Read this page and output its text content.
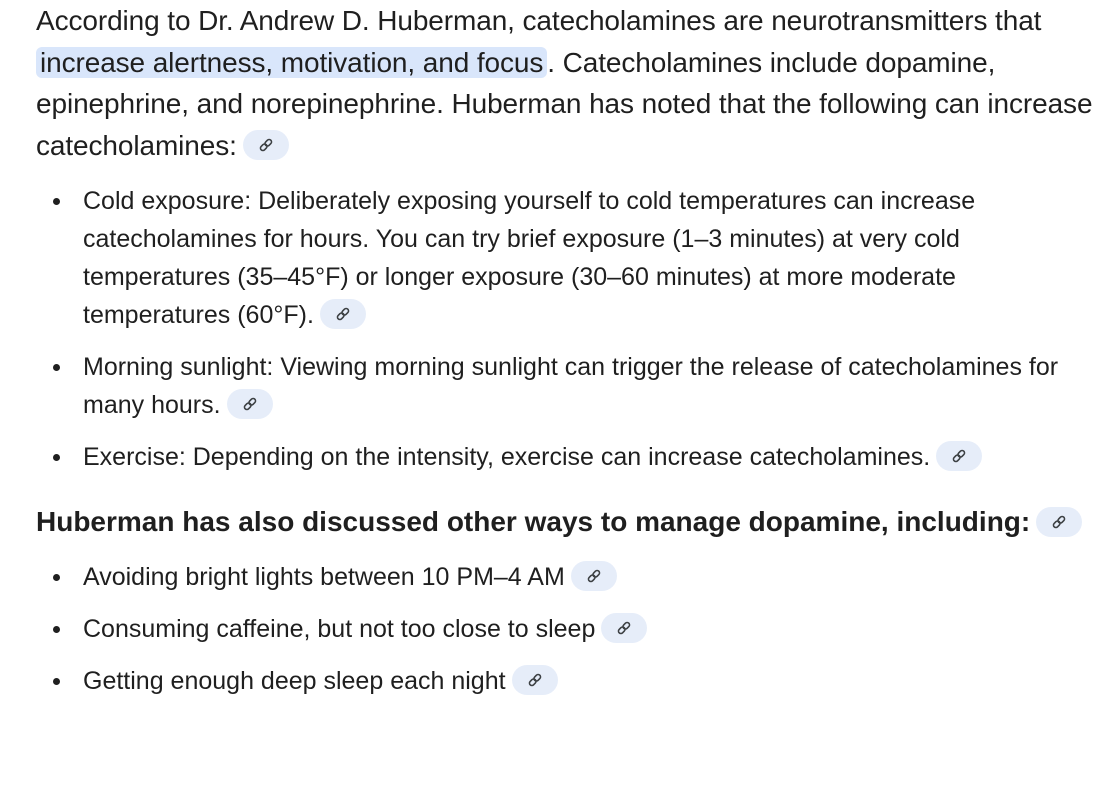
According to Dr. Andrew D. Huberman, catecholamines are neurotransmitters that increase alertness, motivation, and focus . Catecholamines include dopamine, epinephrine, and norepinephrine. Huberman has noted that the following can increase catecholamines:

Cold exposure: Deliberately exposing yourself to cold temperatures can increase catecholamines for hours. You can try brief exposure (1–3 minutes) at very cold temperatures (35–45°F) or longer exposure (30–60 minutes) at more moderate temperatures (60°F).
Morning sunlight: Viewing morning sunlight can trigger the release of catecholamines for many hours.
Exercise: Depending on the intensity, exercise can increase catecholamines.

Huberman has also discussed other ways to manage dopamine, including:

Avoiding bright lights between 10 PM–4 AM
Consuming caffeine, but not too close to sleep
Getting enough deep sleep each night
